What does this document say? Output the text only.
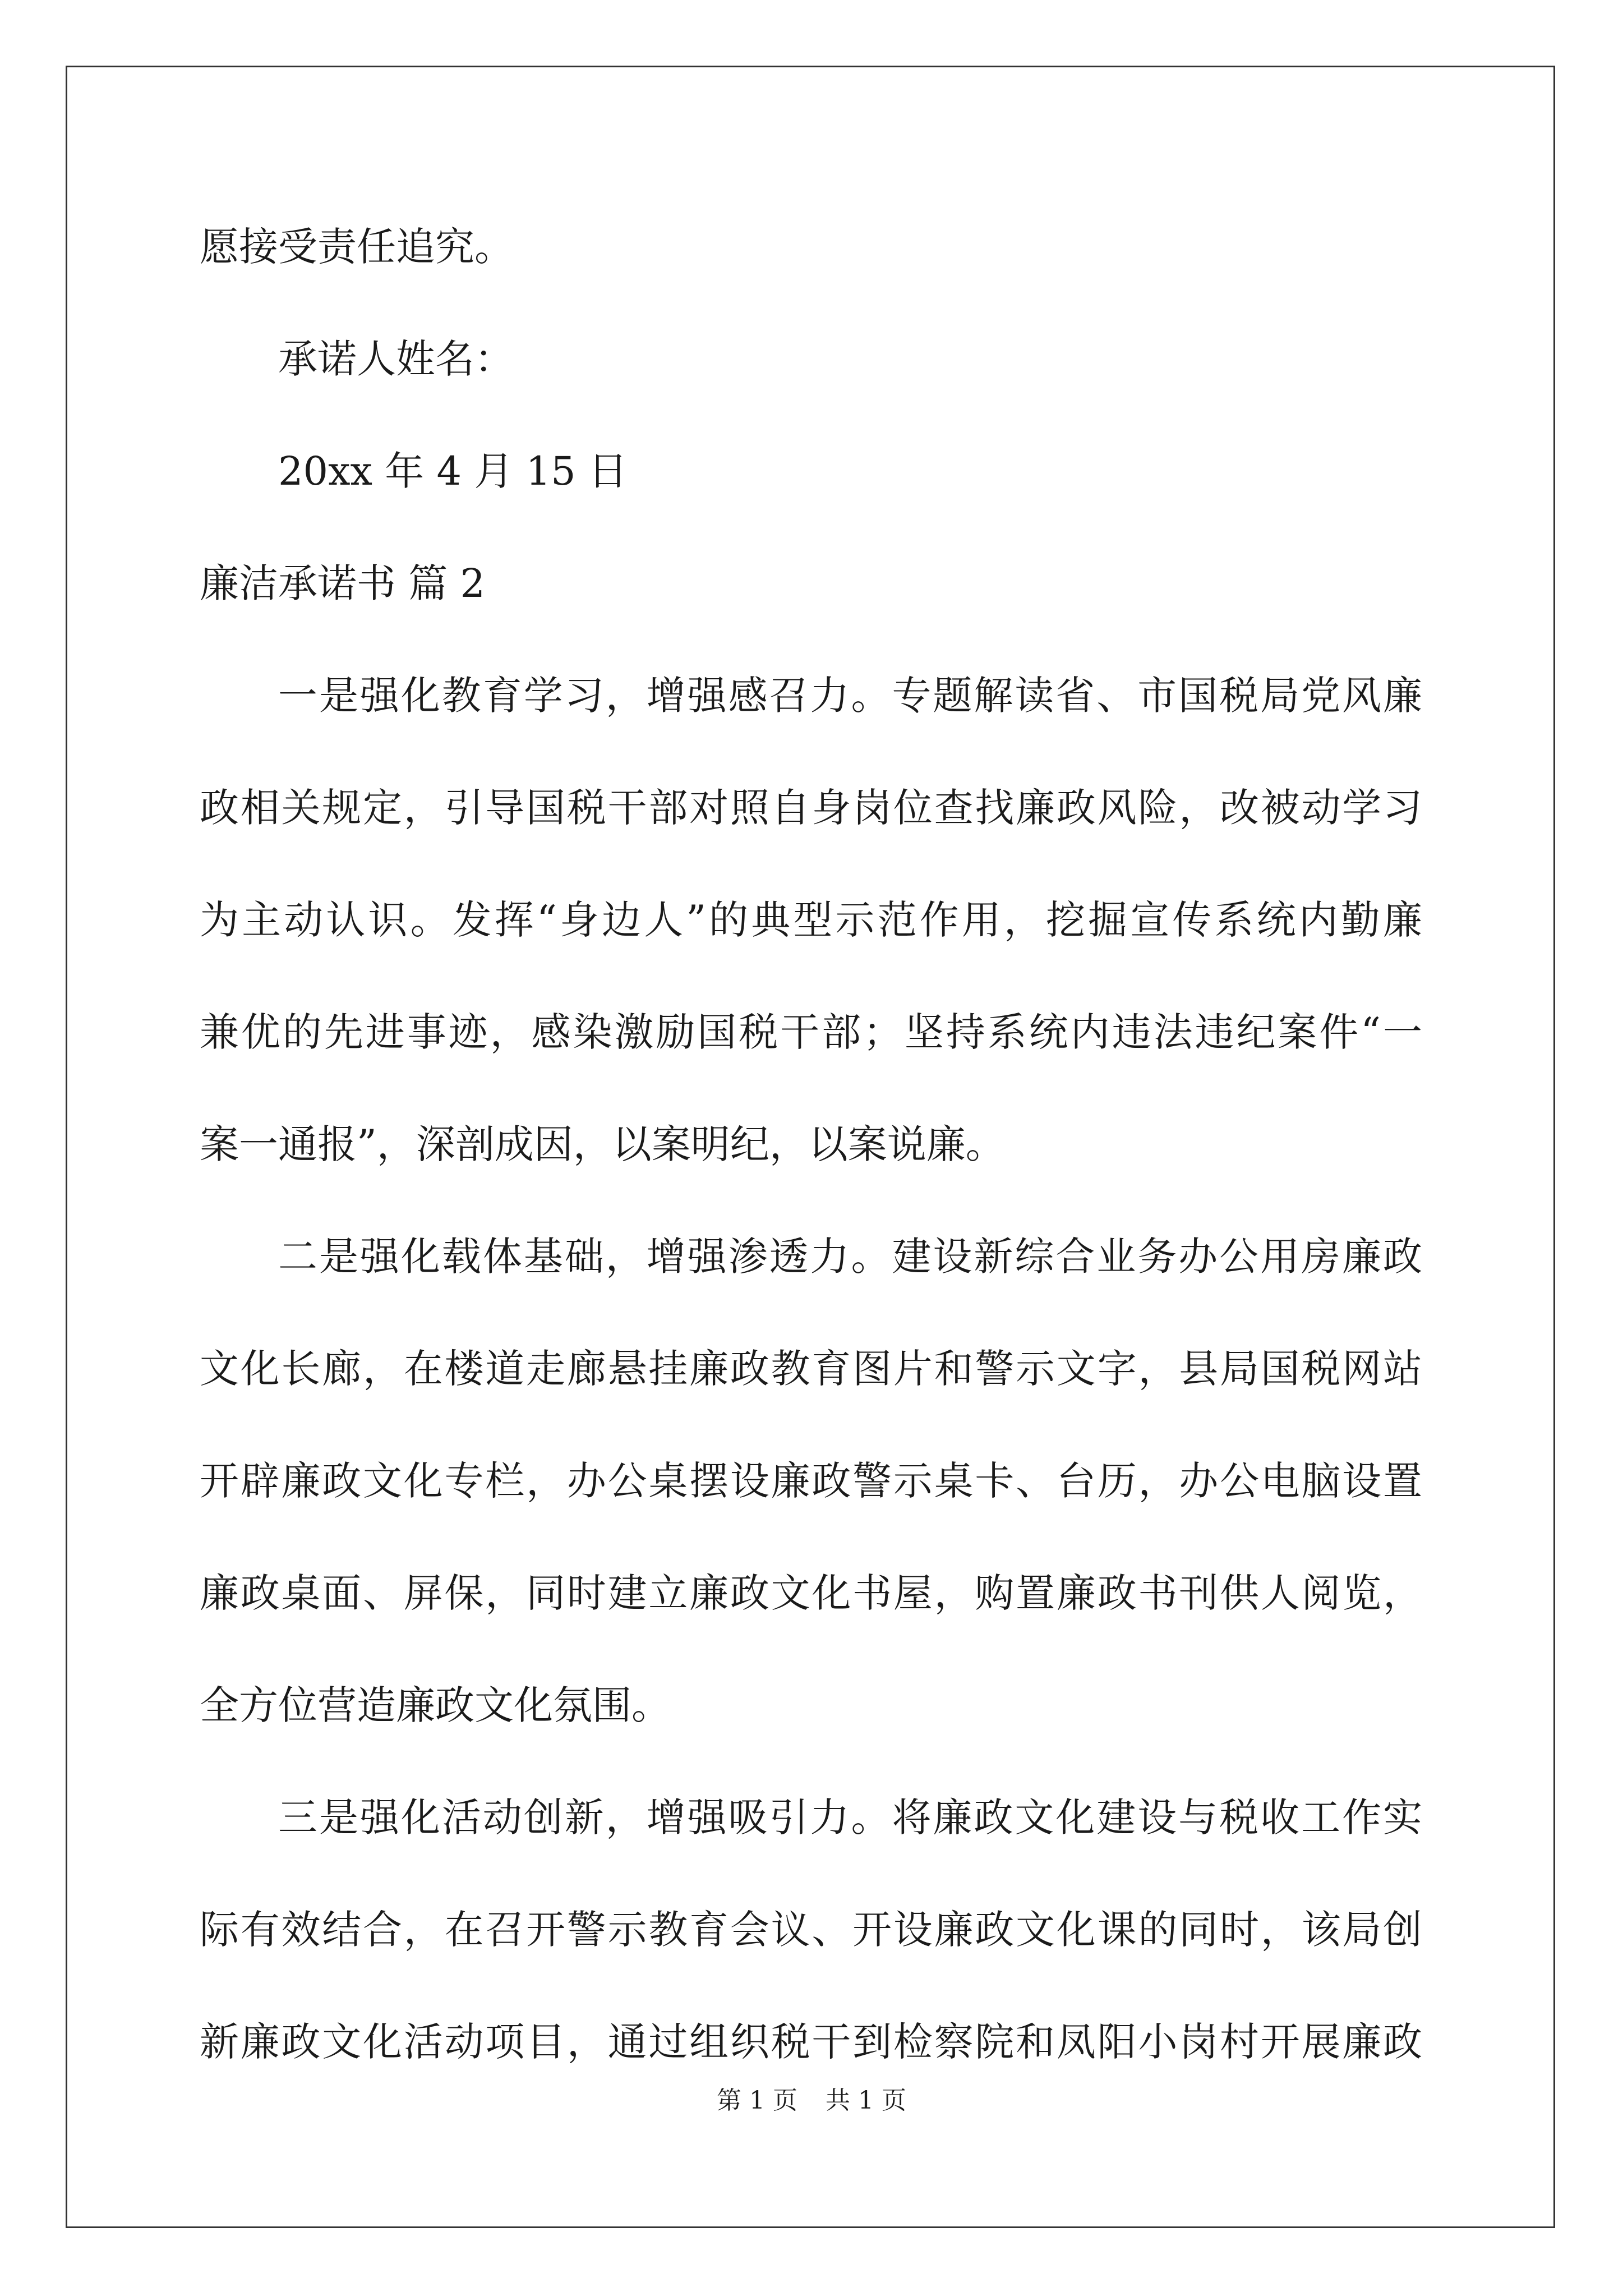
愿接受责任追究。

承诺人姓名：

20xx 年 4 月 15 日

廉洁承诺书 篇 2

一是强化教育学习，增强感召力。专题解读省、市国税局党风廉

政相关规定，引导国税干部对照自身岗位查找廉政风险，改被动学习

为主动认识。发挥“身边人”的典型示范作用，挖掘宣传系统内勤廉

兼优的先进事迹，感染激励国税干部；坚持系统内违法违纪案件“一

案一通报”，深剖成因，以案明纪，以案说廉。

二是强化载体基础，增强渗透力。建设新综合业务办公用房廉政

文化长廊，在楼道走廊悬挂廉政教育图片和警示文字，县局国税网站

开辟廉政文化专栏，办公桌摆设廉政警示桌卡、台历，办公电脑设置

廉政桌面、屏保，同时建立廉政文化书屋，购置廉政书刊供人阅览，

全方位营造廉政文化氛围。

三是强化活动创新，增强吸引力。将廉政文化建设与税收工作实

际有效结合，在召开警示教育会议、开设廉政文化课的同时，该局创

新廉政文化活动项目，通过组织税干到检察院和凤阳小岗村开展廉政

第 1 页 共 1 页
